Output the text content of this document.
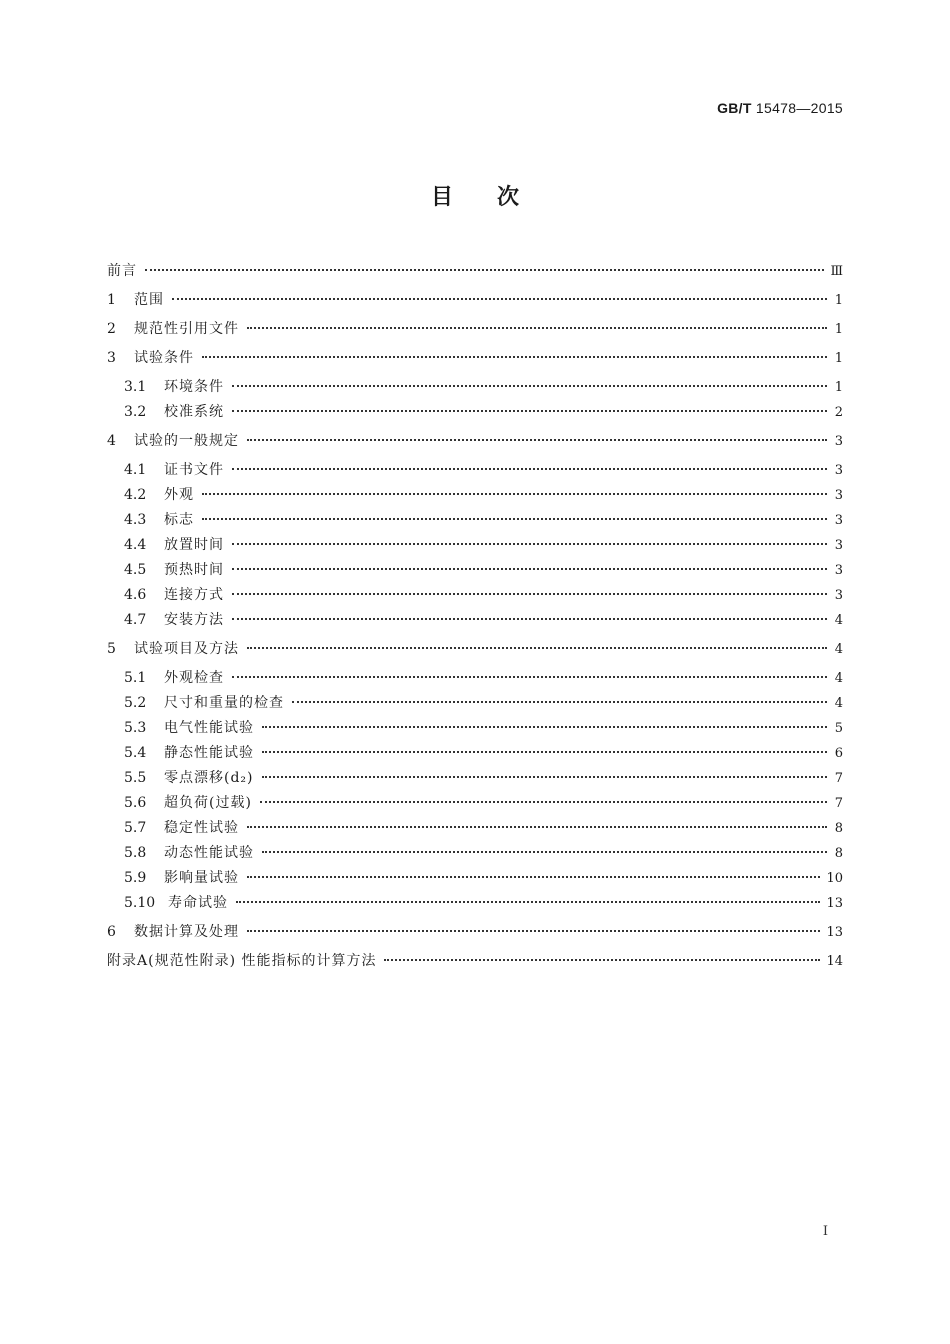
GB/T 15478—2015
目次
前言	Ⅲ
1	范围	1
2	规范性引用文件	1
3	试验条件	1
3.1	环境条件	1
3.2	校准系统	2
4	试验的一般规定	3
4.1	证书文件	3
4.2	外观	3
4.3	标志	3
4.4	放置时间	3
4.5	预热时间	3
4.6	连接方式	3
4.7	安装方法	4
5	试验项目及方法	4
5.1	外观检查	4
5.2	尺寸和重量的检查	4
5.3	电气性能试验	5
5.4	静态性能试验	6
5.5	零点漂移(d₂)	7
5.6	超负荷(过载)	7
5.7	稳定性试验	8
5.8	动态性能试验	8
5.9	影响量试验	10
5.10 寿命试验	13
6	数据计算及处理	13
附录A(规范性附录) 性能指标的计算方法	14
Ⅰ
